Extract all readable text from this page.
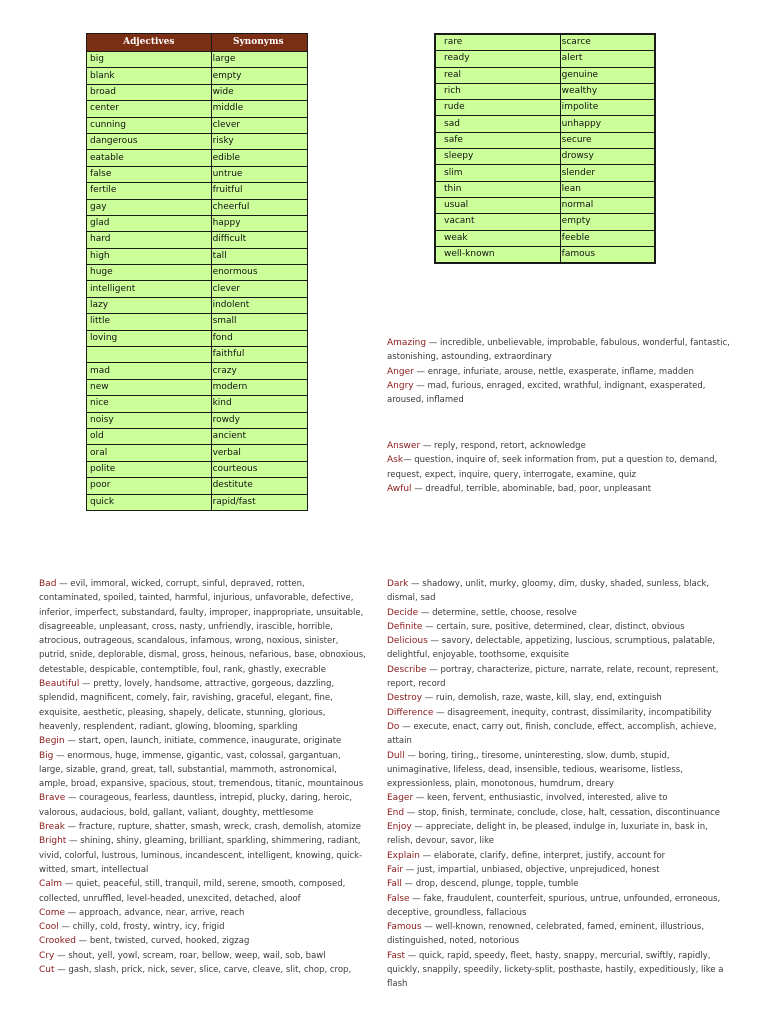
Adjectives	Synonyms
big	large
blank	empty
broad	wide
center	middle
cunning	clever
dangerous	risky
eatable	edible
false	untrue
fertile	fruitful
gay	cheerful
glad	happy
hard	difficult
high	tall
huge	enormous
intelligent	clever
lazy	indolent
little	small
loving	fond
	faithful
mad	crazy
new	modern
nice	kind
noisy	rowdy
old	ancient
oral	verbal
polite	courteous
poor	destitute
quick	rapid/fast
rare	scarce
ready	alert
real	genuine
rich	wealthy
rude	impolite
sad	unhappy
safe	secure
sleepy	drowsy
slim	slender
thin	lean
usual	normal
vacant	empty
weak	feeble
well-known	famous

Amazing — incredible, unbelievable, improbable, fabulous, wonderful, fantastic, astonishing, astounding, extraordinary

Anger — enrage, infuriate, arouse, nettle, exasperate, inflame, madden

Angry — mad, furious, enraged, excited, wrathful, indignant, exasperated, aroused, inflamed

Answer — reply, respond, retort, acknowledge

Ask— question, inquire of, seek information from, put a question to, demand, request, expect, inquire, query, interrogate, examine, quiz

Awful — dreadful, terrible, abominable, bad, poor, unpleasant

Bad — evil, immoral, wicked, corrupt, sinful, depraved, rotten, contaminated, spoiled, tainted, harmful, injurious, unfavorable, defective, inferior, imperfect, substandard, faulty, improper, inappropriate, unsuitable, disagreeable, unpleasant, cross, nasty, unfriendly, irascible, horrible, atrocious, outrageous, scandalous, infamous, wrong, noxious, sinister, putrid, snide, deplorable, dismal, gross, heinous, nefarious, base, obnoxious, detestable, despicable, contemptible, foul, rank, ghastly, execrable

Beautiful — pretty, lovely, handsome, attractive, gorgeous, dazzling, splendid, magnificent, comely, fair, ravishing, graceful, elegant, fine, exquisite, aesthetic, pleasing, shapely, delicate, stunning, glorious, heavenly, resplendent, radiant, glowing, blooming, sparkling

Begin — start, open, launch, initiate, commence, inaugurate, originate

Big — enormous, huge, immense, gigantic, vast, colossal, gargantuan, large, sizable, grand, great, tall, substantial, mammoth, astronomical, ample, broad, expansive, spacious, stout, tremendous, titanic, mountainous

Brave — courageous, fearless, dauntless, intrepid, plucky, daring, heroic, valorous, audacious, bold, gallant, valiant, doughty, mettlesome

Break — fracture, rupture, shatter, smash, wreck, crash, demolish, atomize

Bright — shining, shiny, gleaming, brilliant, sparkling, shimmering, radiant, vivid, colorful, lustrous, luminous, incandescent, intelligent, knowing, quick-witted, smart, intellectual

Calm — quiet, peaceful, still, tranquil, mild, serene, smooth, composed, collected, unruffled, level-headed, unexcited, detached, aloof

Come — approach, advance, near, arrive, reach

Cool — chilly, cold, frosty, wintry, icy, frigid

Crooked — bent, twisted, curved, hooked, zigzag

Cry — shout, yell, yowl, scream, roar, bellow, weep, wail, sob, bawl

Cut — gash, slash, prick, nick, sever, slice, carve, cleave, slit, chop, crop,

Dark — shadowy, unlit, murky, gloomy, dim, dusky, shaded, sunless, black, dismal, sad

Decide — determine, settle, choose, resolve

Definite — certain, sure, positive, determined, clear, distinct, obvious

Delicious — savory, delectable, appetizing, luscious, scrumptious, palatable, delightful, enjoyable, toothsome, exquisite

Describe — portray, characterize, picture, narrate, relate, recount, represent, report, record

Destroy — ruin, demolish, raze, waste, kill, slay, end, extinguish

Difference — disagreement, inequity, contrast, dissimilarity, incompatibility

Do — execute, enact, carry out, finish, conclude, effect, accomplish, achieve, attain

Dull — boring, tiring,, tiresome, uninteresting, slow, dumb, stupid, unimaginative, lifeless, dead, insensible, tedious, wearisome, listless, expressionless, plain, monotonous, humdrum, dreary

Eager — keen, fervent, enthusiastic, involved, interested, alive to

End — stop, finish, terminate, conclude, close, halt, cessation, discontinuance

Enjoy — appreciate, delight in, be pleased, indulge in, luxuriate in, bask in, relish, devour, savor, like

Explain — elaborate, clarify, define, interpret, justify, account for

Fair — just, impartial, unbiased, objective, unprejudiced, honest

Fall — drop, descend, plunge, topple, tumble

False — fake, fraudulent, counterfeit, spurious, untrue, unfounded, erroneous, deceptive, groundless, fallacious

Famous — well-known, renowned, celebrated, famed, eminent, illustrious, distinguished, noted, notorious

Fast — quick, rapid, speedy, fleet, hasty, snappy, mercurial, swiftly, rapidly, quickly, snappily, speedily, lickety-split, posthaste, hastily, expeditiously, like a flash
